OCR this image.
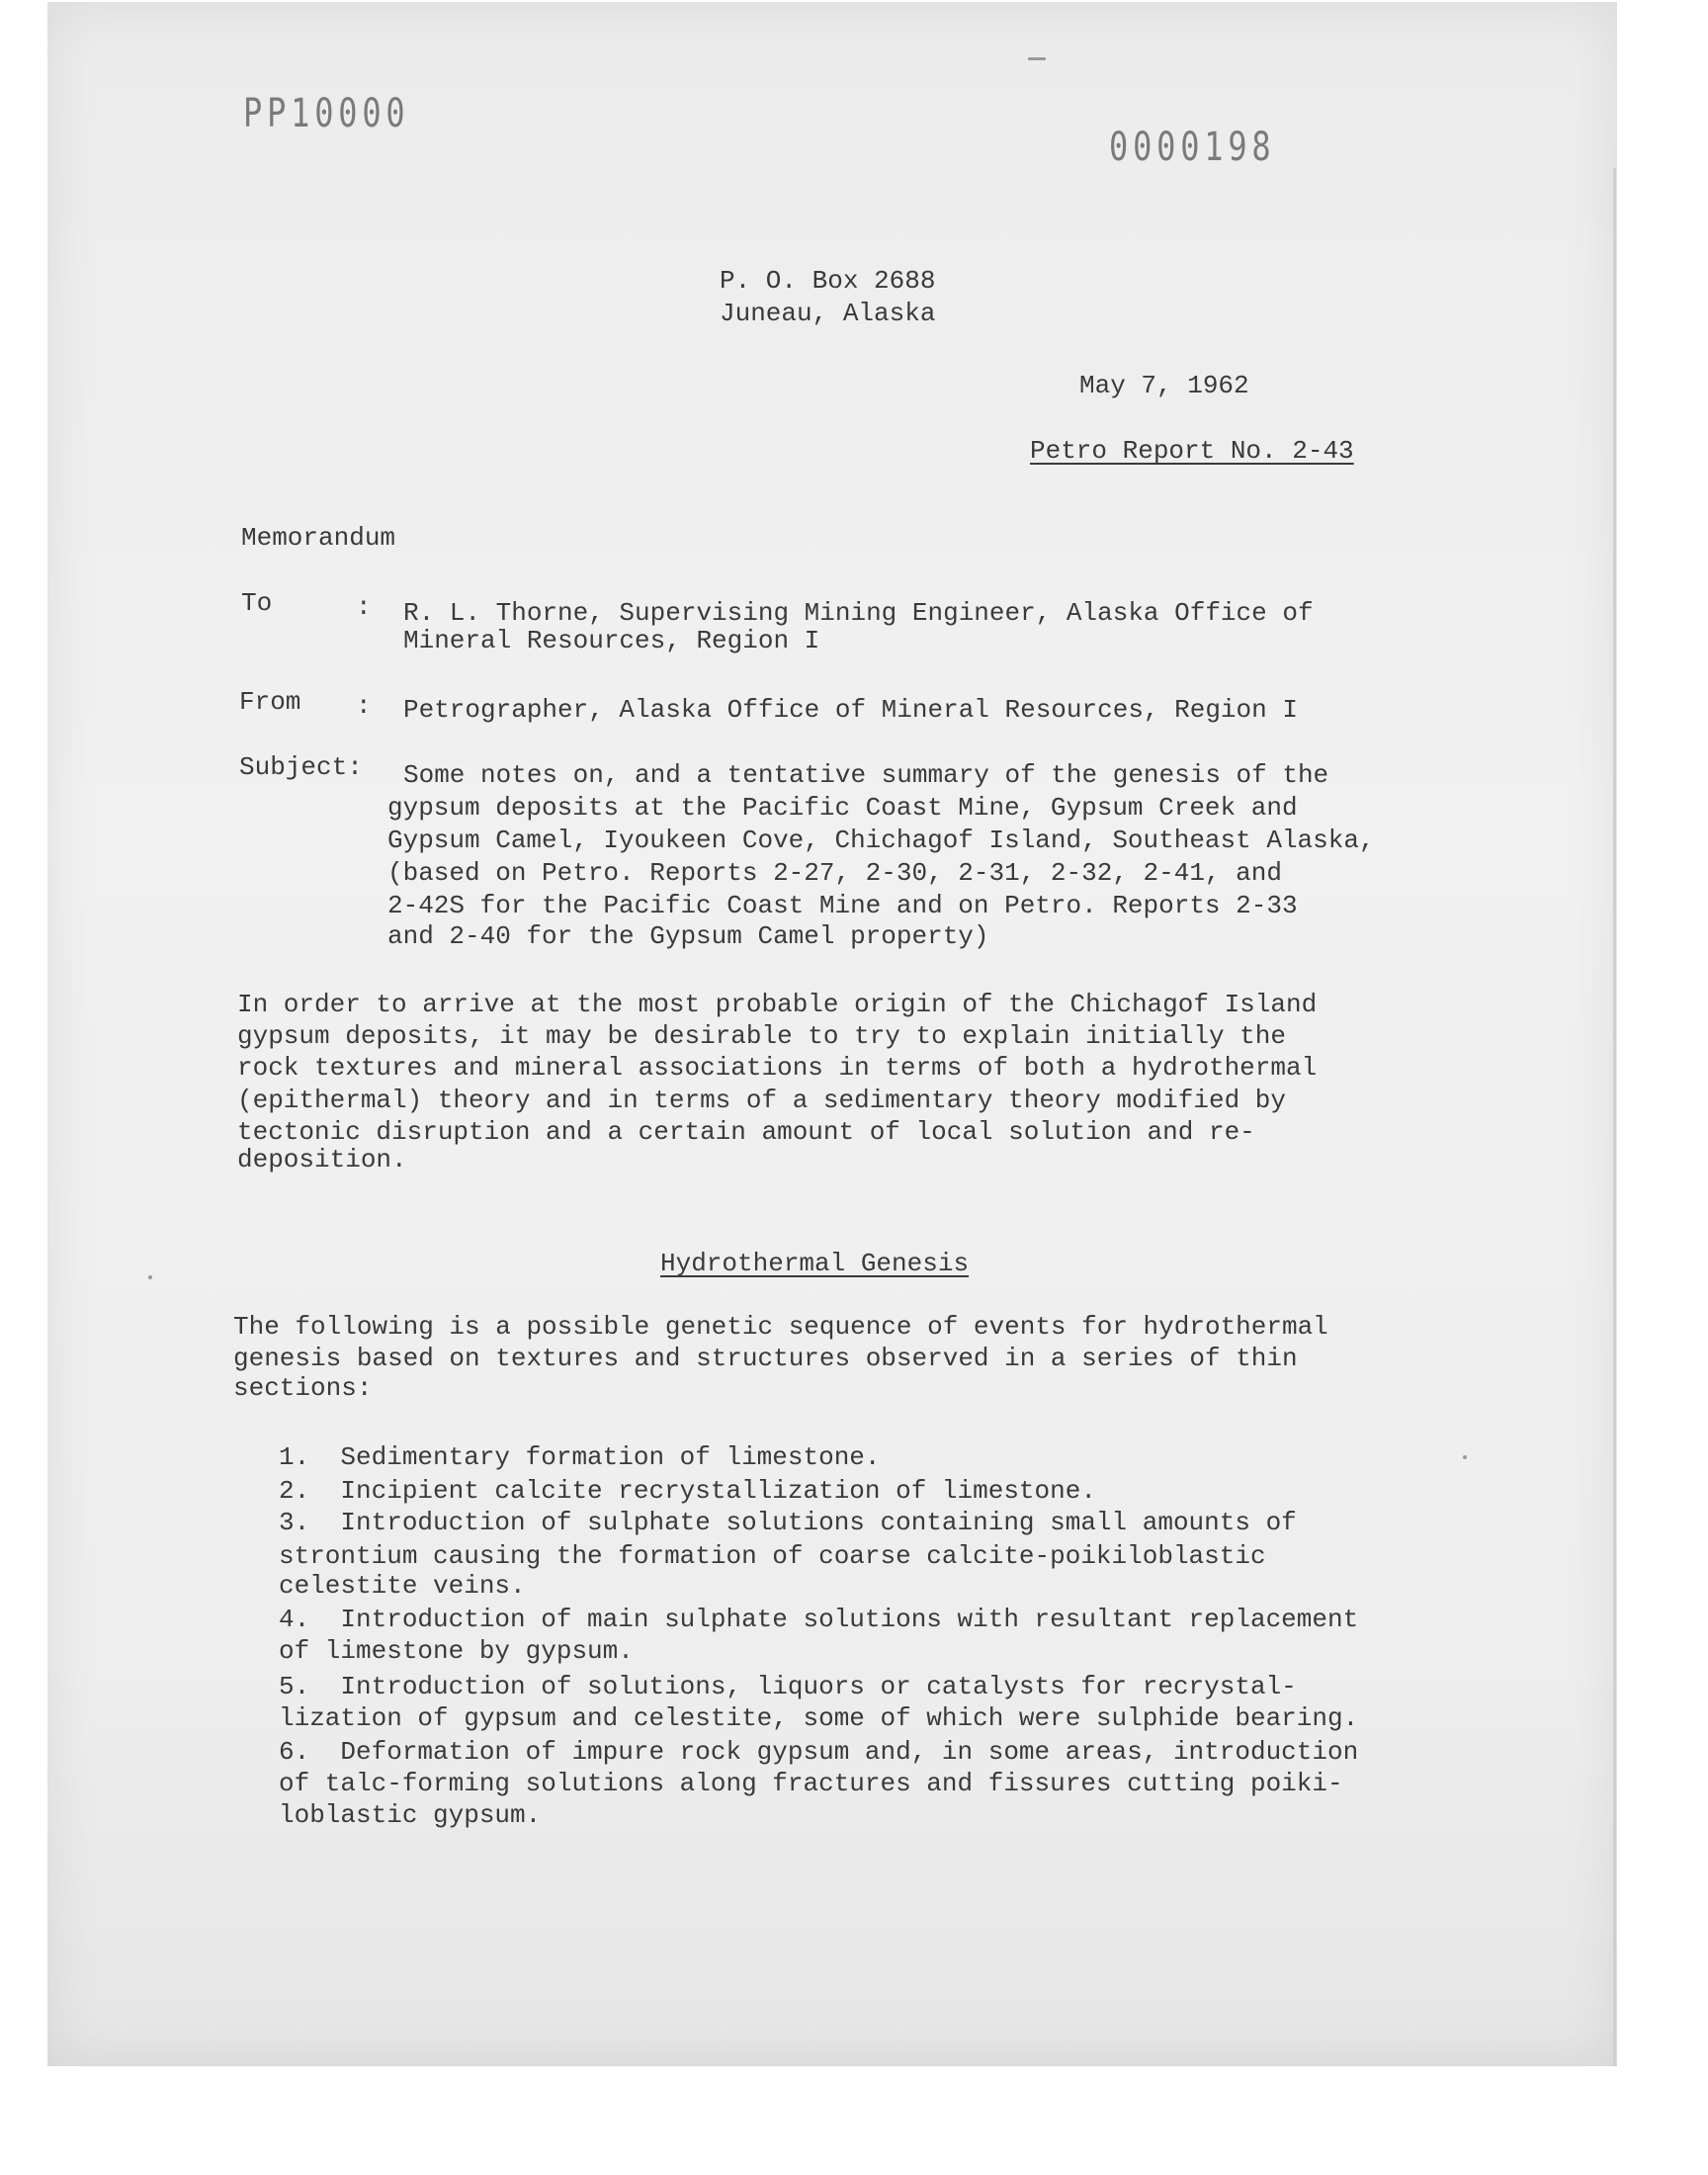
PP10000
0000198
P. O. Box 2688
Juneau, Alaska
May 7, 1962
Petro Report No. 2-43
Memorandum
To	: R. L. Thorne, Supervising Mining Engineer, Alaska Office of
Mineral Resources, Region I
From : Petrographer, Alaska Office of Mineral Resources, Region I
Subject: Some notes on, and a tentative summary of the genesis of the
gypsum deposits at the Pacific Coast Mine, Gypsum Creek and
Gypsum Camel, Iyoukeen Cove, Chichagof Island, Southeast Alaska,
(based on Petro. Reports 2-27, 2-30, 2-31, 2-32, 2-41, and
2-42S for the Pacific Coast Mine and on Petro. Reports 2-33
and 2-40 for the Gypsum Camel property)
In order to arrive at the most probable origin of the Chichagof Island
gypsum deposits, it may be desirable to try to explain initially the
rock textures and mineral associations in terms of both a hydrothermal
(epithermal) theory and in terms of a sedimentary theory modified by
tectonic disruption and a certain amount of local solution and re-
deposition.
Hydrothermal Genesis
The following is a possible genetic sequence of events for hydrothermal
genesis based on textures and structures observed in a series of thin
sections:
1.  Sedimentary formation of limestone.
2.  Incipient calcite recrystallization of limestone.
3.  Introduction of sulphate solutions containing small amounts of
strontium causing the formation of coarse calcite-poikiloblastic
celestite veins.
4.  Introduction of main sulphate solutions with resultant replacement
of limestone by gypsum.
5.  Introduction of solutions, liquors or catalysts for recrystal-
lization of gypsum and celestite, some of which were sulphide bearing.
6.  Deformation of impure rock gypsum and, in some areas, introduction
of talc-forming solutions along fractures and fissures cutting poiki-
loblastic gypsum.
